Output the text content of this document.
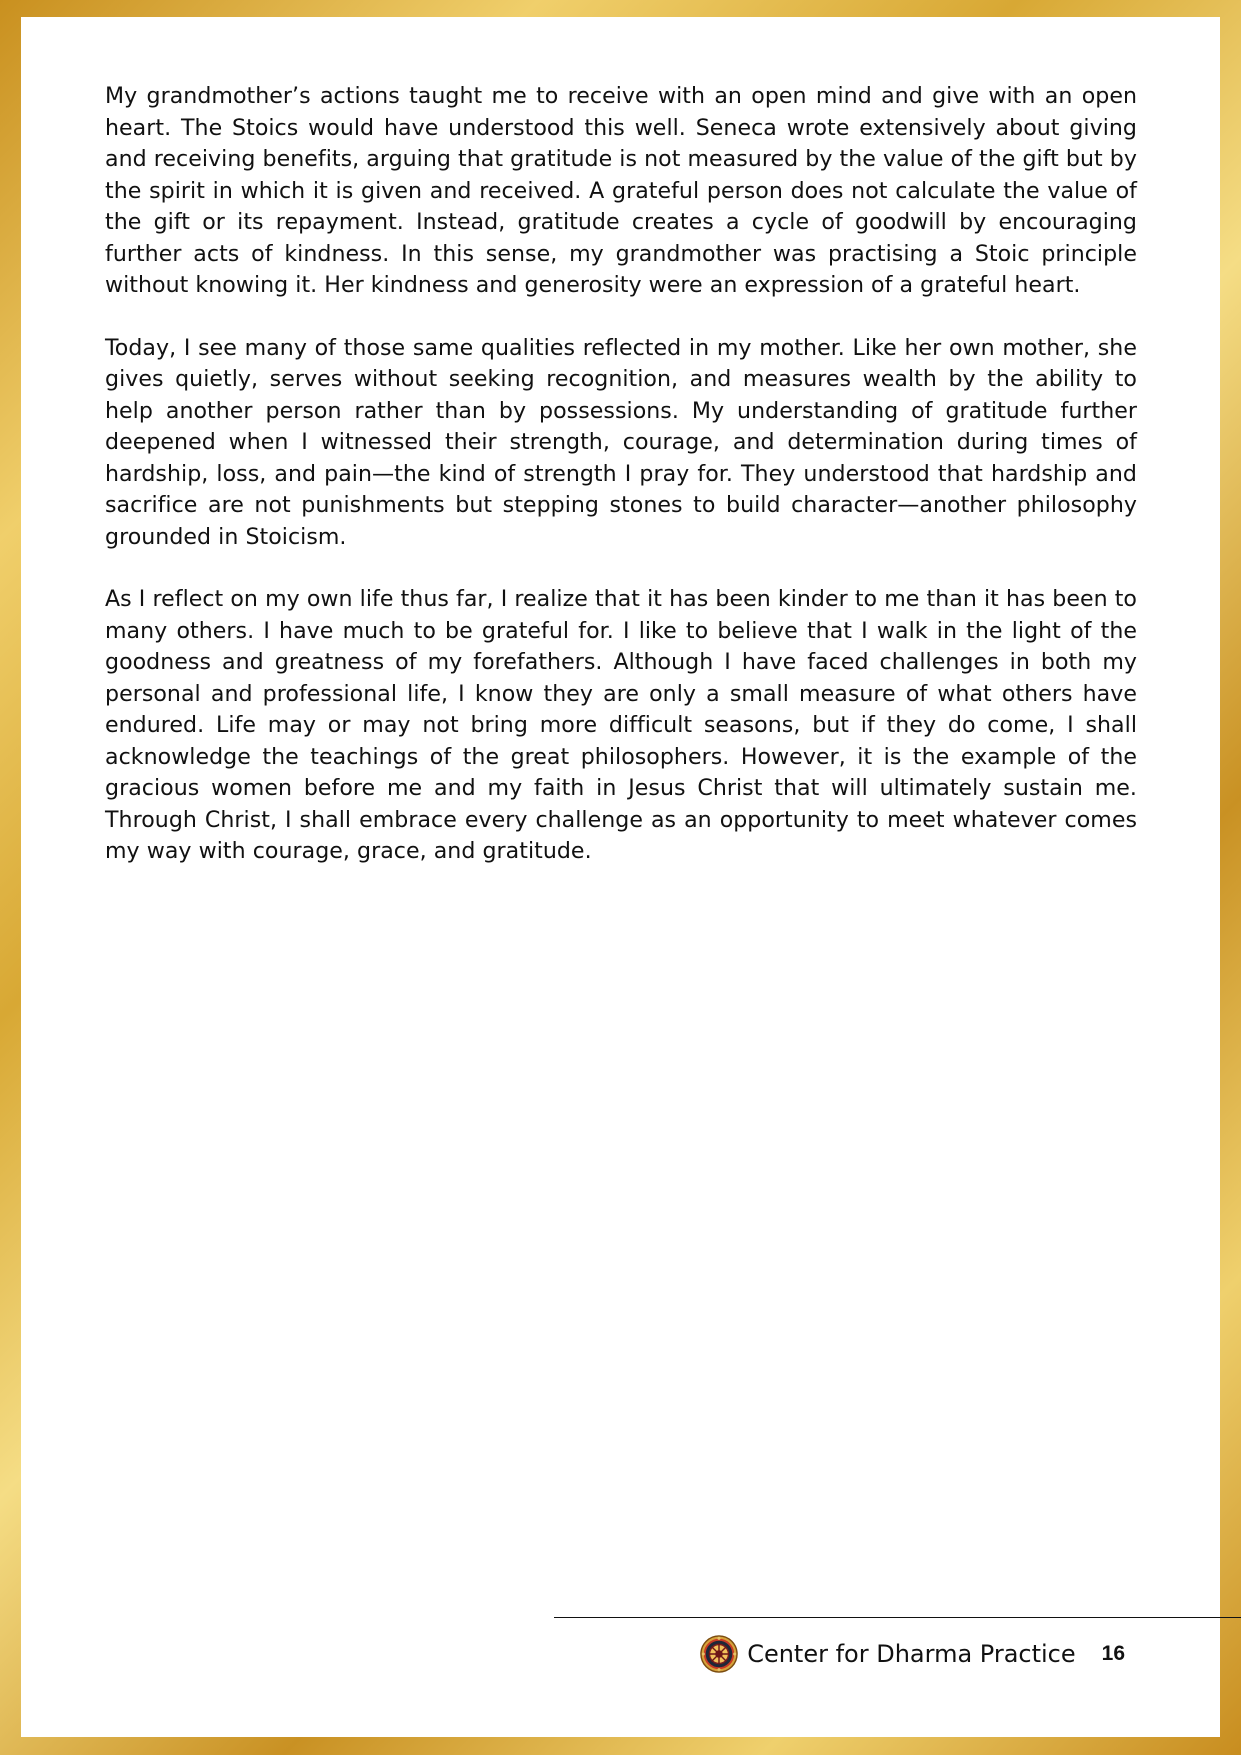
My grandmother’s actions taught me to receive with an open mind and give with an open heart. The Stoics would have understood this well. Seneca wrote extensively about giving and receiving benefits, arguing that gratitude is not measured by the value of the gift but by the spirit in which it is given and received. A grateful person does not calculate the value of the gift or its repayment. Instead, gratitude creates a cycle of goodwill by encouraging further acts of kindness. In this sense, my grandmother was practising a Stoic principle without knowing it. Her kindness and generosity were an expression of a grateful heart.

Today, I see many of those same qualities reflected in my mother. Like her own mother, she gives quietly, serves without seeking recognition, and measures wealth by the ability to help another person rather than by possessions. My understanding of gratitude further deepened when I witnessed their strength, courage, and determination during times of hardship, loss, and pain—the kind of strength I pray for. They understood that hardship and sacrifice are not punishments but stepping stones to build character—another philosophy grounded in Stoicism.

As I reflect on my own life thus far, I realize that it has been kinder to me than it has been to many others. I have much to be grateful for. I like to believe that I walk in the light of the goodness and greatness of my forefathers. Although I have faced challenges in both my personal and professional life, I know they are only a small measure of what others have endured. Life may or may not bring more difficult seasons, but if they do come, I shall acknowledge the teachings of the great philosophers. However, it is the example of the gracious women before me and my faith in Jesus Christ that will ultimately sustain me. Through Christ, I shall embrace every challenge as an opportunity to meet whatever comes my way with courage, grace, and gratitude.

Center for Dharma Practice 16
